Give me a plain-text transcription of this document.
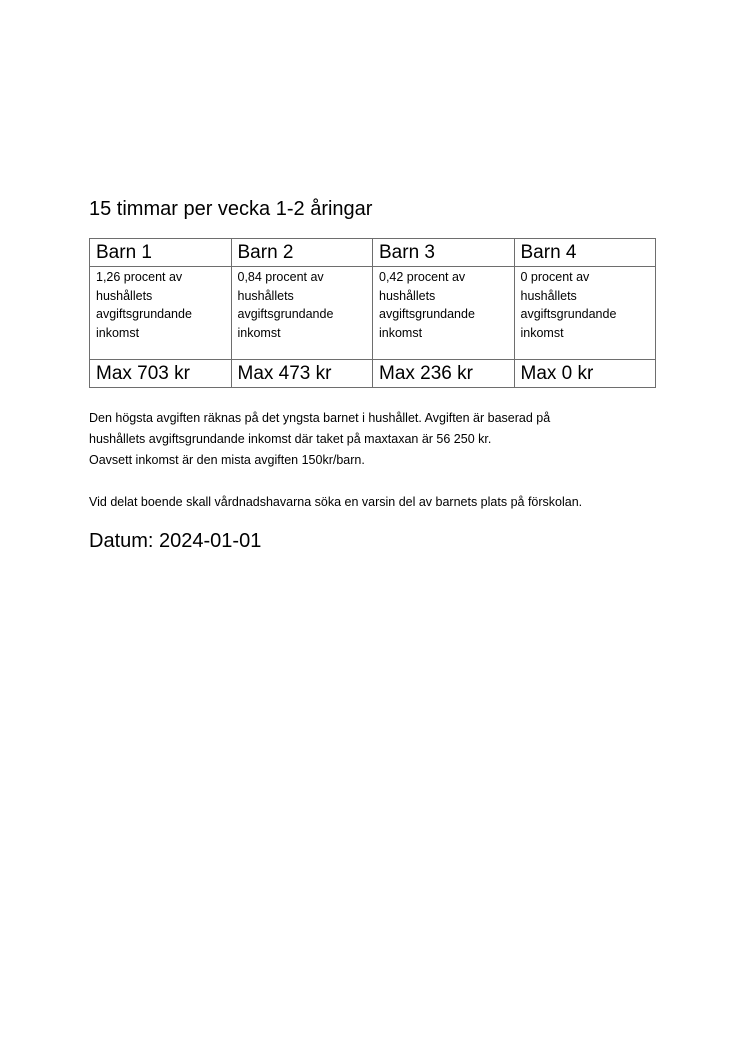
15 timmar per vecka 1-2 åringar
Barn 1	Barn 2	Barn 3	Barn 4
1,26 procent av hushållets avgiftsgrundande inkomst	0,84 procent av hushållets avgiftsgrundande inkomst	0,42 procent av hushållets avgiftsgrundande inkomst	0 procent av hushållets avgiftsgrundande inkomst
Max 703 kr	Max 473 kr	Max 236 kr	Max 0 kr
Den högsta avgiften räknas på det yngsta barnet i hushållet. Avgiften är baserad på
hushållets avgiftsgrundande inkomst där taket på maxtaxan är 56 250 kr.
Oavsett inkomst är den mista avgiften 150kr/barn.
Vid delat boende skall vårdnadshavarna söka en varsin del av barnets plats på förskolan.
Datum: 2024-01-01
